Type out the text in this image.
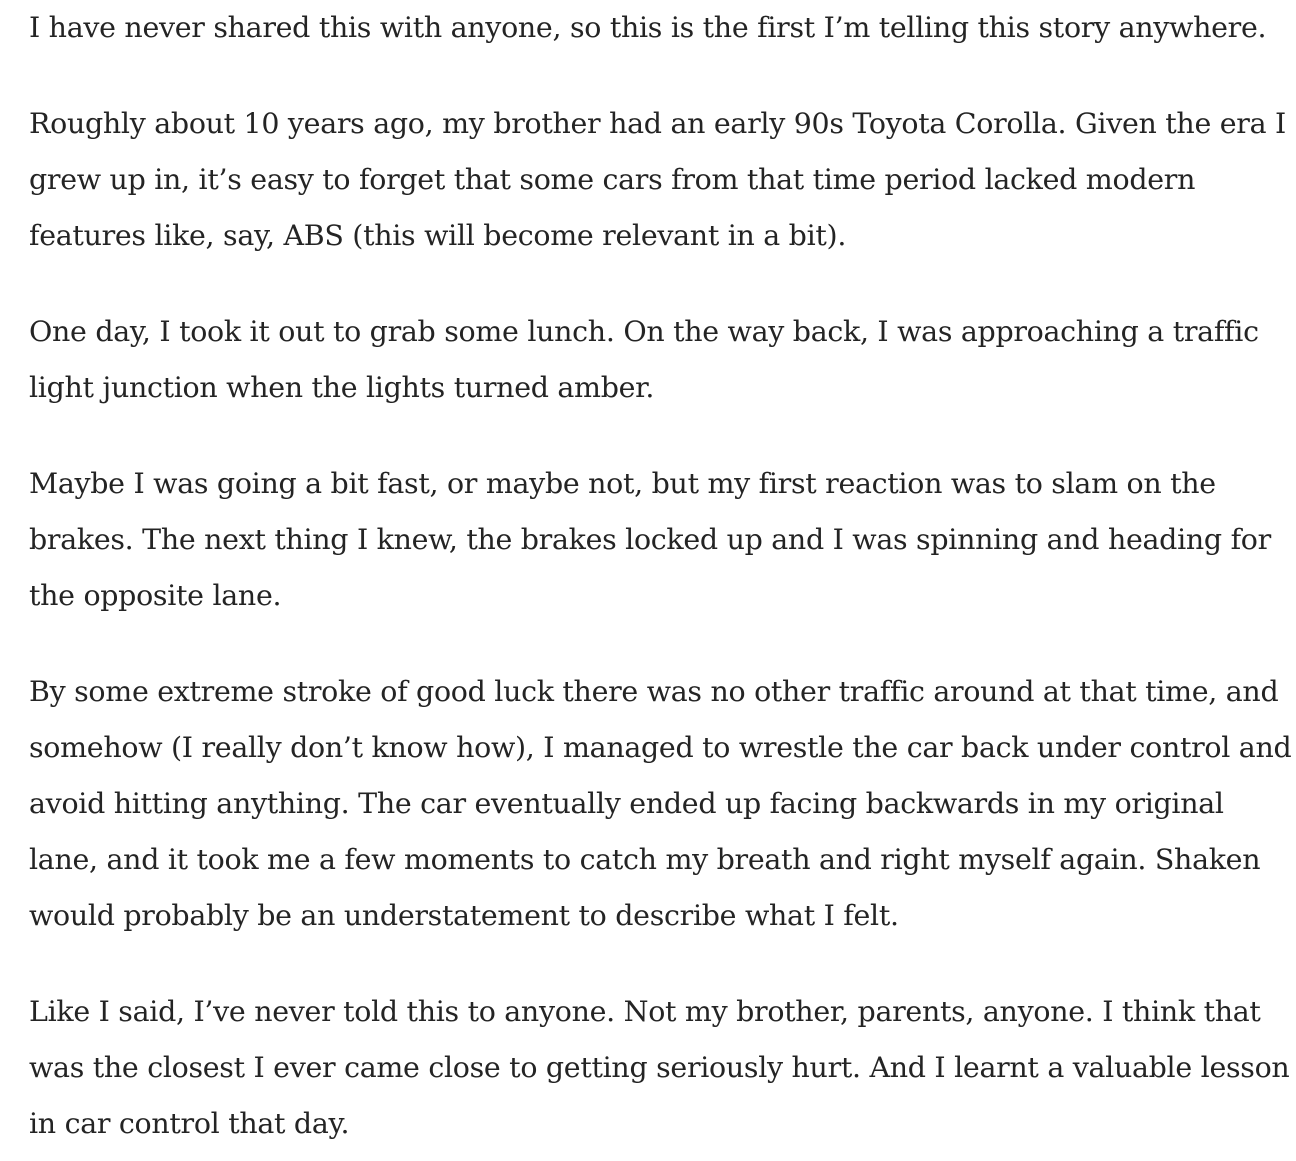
I have never shared this with anyone, so this is the first I’m telling this story anywhere.

Roughly about 10 years ago, my brother had an early 90s Toyota Corolla. Given the era I
grew up in, it’s easy to forget that some cars from that time period lacked modern
features like, say, ABS (this will become relevant in a bit).

One day, I took it out to grab some lunch. On the way back, I was approaching a traffic
light junction when the lights turned amber.

Maybe I was going a bit fast, or maybe not, but my first reaction was to slam on the
brakes. The next thing I knew, the brakes locked up and I was spinning and heading for
the opposite lane.

By some extreme stroke of good luck there was no other traffic around at that time, and
somehow (I really don’t know how), I managed to wrestle the car back under control and
avoid hitting anything. The car eventually ended up facing backwards in my original
lane, and it took me a few moments to catch my breath and right myself again. Shaken
would probably be an understatement to describe what I felt.

Like I said, I’ve never told this to anyone. Not my brother, parents, anyone. I think that
was the closest I ever came close to getting seriously hurt. And I learnt a valuable lesson
in car control that day.
